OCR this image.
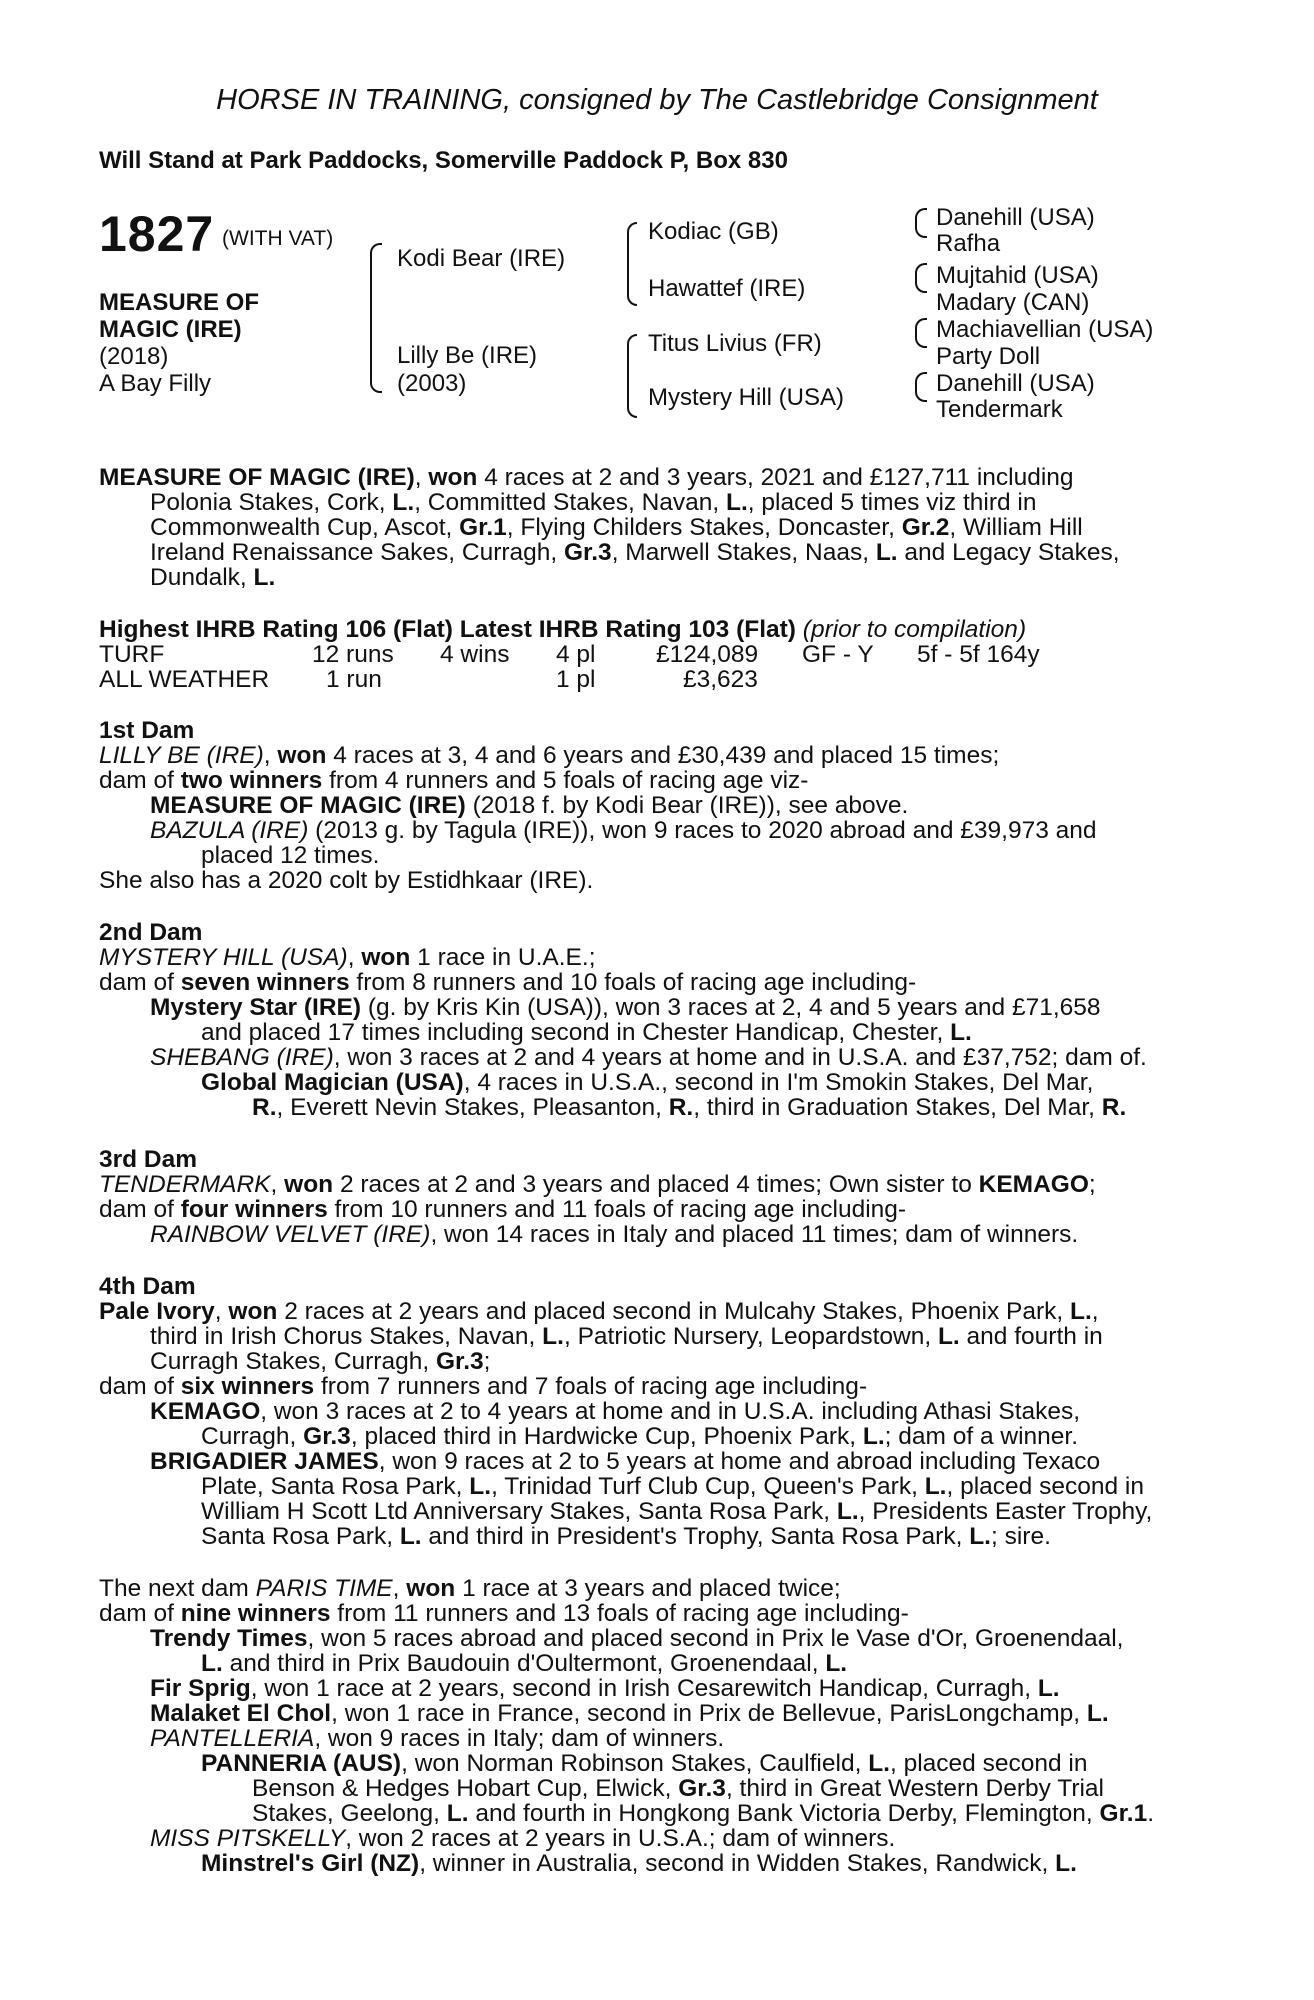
HORSE IN TRAINING, consigned by The Castlebridge Consignment
Will Stand at Park Paddocks, Somerville Paddock P, Box 830
1827 (WITH VAT)
MEASURE OF
MAGIC (IRE)
(2018)
A Bay Filly
Kodi Bear (IRE)
Lilly Be (IRE)
(2003)
Kodiac (GB)
Hawattef (IRE)
Titus Livius (FR)
Mystery Hill (USA)
Danehill (USA)
Rafha
Mujtahid (USA)
Madary (CAN)
Machiavellian (USA)
Party Doll
Danehill (USA)
Tendermark
MEASURE OF MAGIC (IRE), won 4 races at 2 and 3 years, 2021 and £127,711 including
Polonia Stakes, Cork, L., Committed Stakes, Navan, L., placed 5 times viz third in
Commonwealth Cup, Ascot, Gr.1, Flying Childers Stakes, Doncaster, Gr.2, William Hill
Ireland Renaissance Sakes, Curragh, Gr.3, Marwell Stakes, Naas, L. and Legacy Stakes,
Dundalk, L.
Highest IHRB Rating 106 (Flat) Latest IHRB Rating 103 (Flat) (prior to compilation)
TURF	12 runs 4 wins 4 pl £124,089 GF - Y 5f - 5f 164y
ALL WEATHER 1 run	1 pl	£3,623
1st Dam
LILLY BE (IRE), won 4 races at 3, 4 and 6 years and £30,439 and placed 15 times;
dam of two winners from 4 runners and 5 foals of racing age viz-
MEASURE OF MAGIC (IRE) (2018 f. by Kodi Bear (IRE)), see above.
BAZULA (IRE) (2013 g. by Tagula (IRE)), won 9 races to 2020 abroad and £39,973 and
placed 12 times.
She also has a 2020 colt by Estidhkaar (IRE).
2nd Dam
MYSTERY HILL (USA), won 1 race in U.A.E.;
dam of seven winners from 8 runners and 10 foals of racing age including-
Mystery Star (IRE) (g. by Kris Kin (USA)), won 3 races at 2, 4 and 5 years and £71,658
and placed 17 times including second in Chester Handicap, Chester, L.
SHEBANG (IRE), won 3 races at 2 and 4 years at home and in U.S.A. and £37,752; dam of.
Global Magician (USA), 4 races in U.S.A., second in I'm Smokin Stakes, Del Mar,
R., Everett Nevin Stakes, Pleasanton, R., third in Graduation Stakes, Del Mar, R.
3rd Dam
TENDERMARK, won 2 races at 2 and 3 years and placed 4 times; Own sister to KEMAGO;
dam of four winners from 10 runners and 11 foals of racing age including-
RAINBOW VELVET (IRE), won 14 races in Italy and placed 11 times; dam of winners.
4th Dam
Pale Ivory, won 2 races at 2 years and placed second in Mulcahy Stakes, Phoenix Park, L.,
third in Irish Chorus Stakes, Navan, L., Patriotic Nursery, Leopardstown, L. and fourth in
Curragh Stakes, Curragh, Gr.3;
dam of six winners from 7 runners and 7 foals of racing age including-
KEMAGO, won 3 races at 2 to 4 years at home and in U.S.A. including Athasi Stakes,
Curragh, Gr.3, placed third in Hardwicke Cup, Phoenix Park, L.; dam of a winner.
BRIGADIER JAMES, won 9 races at 2 to 5 years at home and abroad including Texaco
Plate, Santa Rosa Park, L., Trinidad Turf Club Cup, Queen's Park, L., placed second in
William H Scott Ltd Anniversary Stakes, Santa Rosa Park, L., Presidents Easter Trophy,
Santa Rosa Park, L. and third in President's Trophy, Santa Rosa Park, L.; sire.
The next dam PARIS TIME, won 1 race at 3 years and placed twice;
dam of nine winners from 11 runners and 13 foals of racing age including-
Trendy Times, won 5 races abroad and placed second in Prix le Vase d'Or, Groenendaal,
L. and third in Prix Baudouin d'Oultermont, Groenendaal, L.
Fir Sprig, won 1 race at 2 years, second in Irish Cesarewitch Handicap, Curragh, L.
Malaket El Chol, won 1 race in France, second in Prix de Bellevue, ParisLongchamp, L.
PANTELLERIA, won 9 races in Italy; dam of winners.
PANNERIA (AUS), won Norman Robinson Stakes, Caulfield, L., placed second in
Benson & Hedges Hobart Cup, Elwick, Gr.3, third in Great Western Derby Trial
Stakes, Geelong, L. and fourth in Hongkong Bank Victoria Derby, Flemington, Gr.1.
MISS PITSKELLY, won 2 races at 2 years in U.S.A.; dam of winners.
Minstrel's Girl (NZ), winner in Australia, second in Widden Stakes, Randwick, L.
